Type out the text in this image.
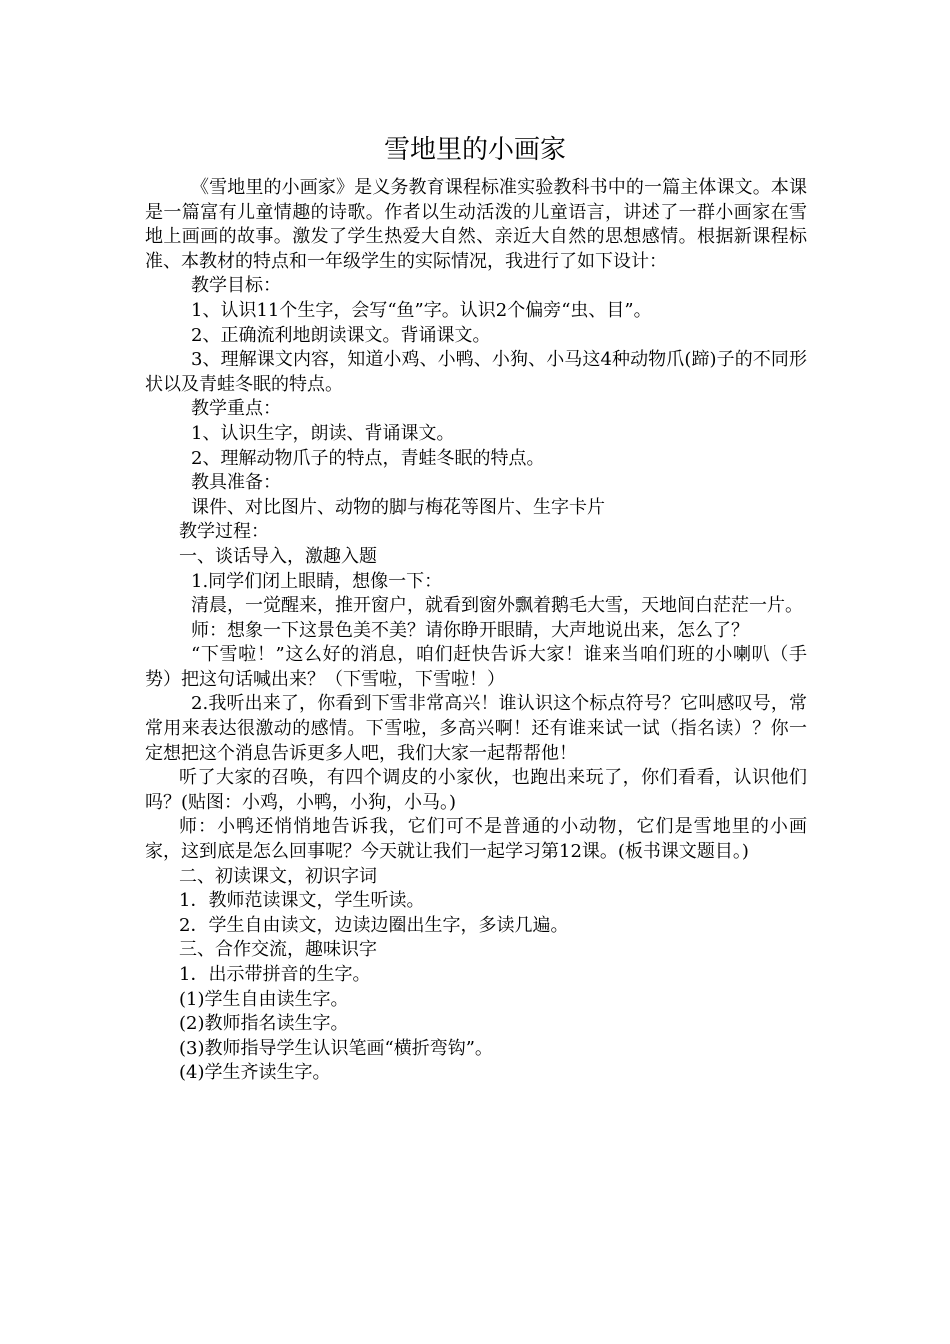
雪地里的小画家

《雪地里的小画家》是义务教育课程标准实验教科书中的一篇主体课文。本课是一篇富有儿童情趣的诗歌。作者以生动活泼的儿童语言，讲述了一群小画家在雪地上画画的故事。激发了学生热爱大自然、亲近大自然的思想感情。根据新课程标准、本教材的特点和一年级学生的实际情况，我进行了如下设计：

教学目标：

1、认识11个生字，会写“鱼”字。认识2个偏旁“虫、目”。

2、正确流利地朗读课文。背诵课文。

3、理解课文内容，知道小鸡、小鸭、小狗、小马这4种动物爪(蹄)子的不同形状以及青蛙冬眠的特点。

教学重点：

1、认识生字，朗读、背诵课文。

2、理解动物爪子的特点，青蛙冬眠的特点。

教具准备：

课件、对比图片、动物的脚与梅花等图片、生字卡片

教学过程：

一、谈话导入，激趣入题

1.同学们闭上眼睛，想像一下：

清晨，一觉醒来，推开窗户，就看到窗外飘着鹅毛大雪，天地间白茫茫一片。

师：想象一下这景色美不美？请你睁开眼睛，大声地说出来，怎么了？

“下雪啦！”这么好的消息，咱们赶快告诉大家！谁来当咱们班的小喇叭（手势）把这句话喊出来？（下雪啦，下雪啦！）

2.我听出来了，你看到下雪非常高兴！谁认识这个标点符号？它叫感叹号，常常用来表达很激动的感情。下雪啦，多高兴啊！还有谁来试一试（指名读）？你一定想把这个消息告诉更多人吧，我们大家一起帮帮他！

听了大家的召唤，有四个调皮的小家伙，也跑出来玩了，你们看看，认识他们吗？(贴图：小鸡，小鸭，小狗，小马。)

师：小鸭还悄悄地告诉我，它们可不是普通的小动物，它们是雪地里的小画家，这到底是怎么回事呢？今天就让我们一起学习第12课。(板书课文题目。)

二、初读课文，初识字词

1．教师范读课文，学生听读。

2．学生自由读文，边读边圈出生字，多读几遍。

三、合作交流，趣味识字

1．出示带拼音的生字。

(1)学生自由读生字。

(2)教师指名读生字。

(3)教师指导学生认识笔画“横折弯钩”。

(4)学生齐读生字。
